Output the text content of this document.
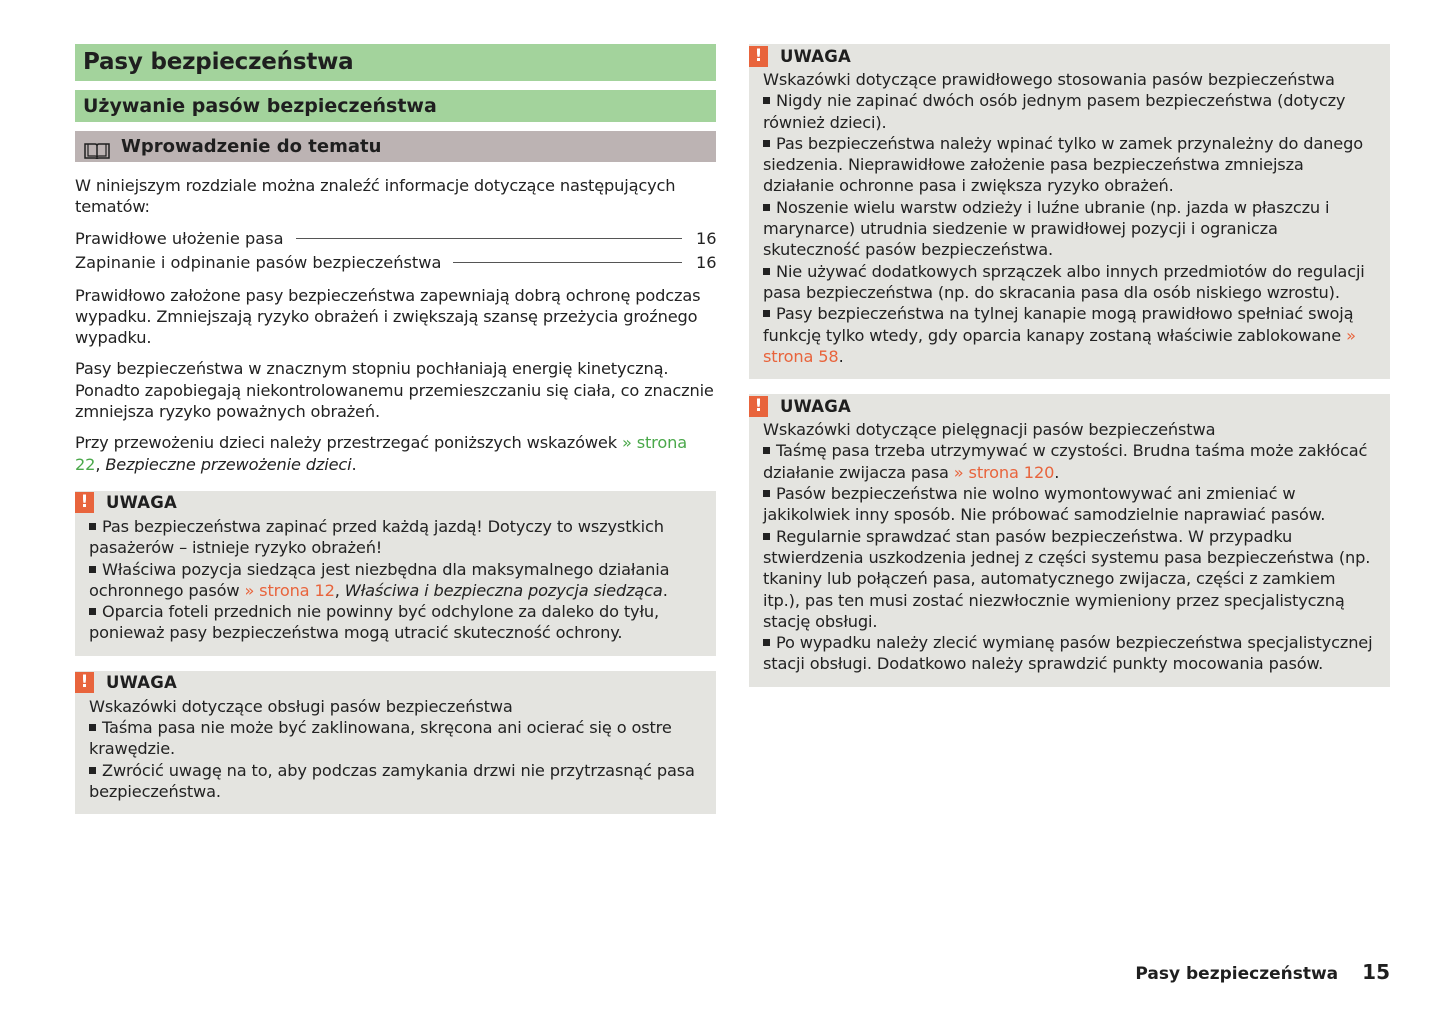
Pasy bezpieczeństwa
Używanie pasów bezpieczeństwa
Wprowadzenie do tematu

W niniejszym rozdziale można znaleźć informacje dotyczące następujących tematów:

Prawidłowe ułożenie pasa	16
Zapinanie i odpinanie pasów bezpieczeństwa	16

Prawidłowo założone pasy bezpieczeństwa zapewniają dobrą ochronę podczas wypadku. Zmniejszają ryzyko obrażeń i zwiększają szansę przeżycia groźnego wypadku.

Pasy bezpieczeństwa w znacznym stopniu pochłaniają energię kinetyczną. Ponadto zapobiegają niekontrolowanemu przemieszczaniu się ciała, co znacznie zmniejsza ryzyko poważnych obrażeń.

Przy przewożeniu dzieci należy przestrzegać poniższych wskazówek » strona 22, Bezpieczne przewożenie dzieci.

!	UWAGA
Pas bezpieczeństwa zapinać przed każdą jazdą! Dotyczy to wszystkich pasażerów – istnieje ryzyko obrażeń!
Właściwa pozycja siedząca jest niezbędna dla maksymalnego działania ochronnego pasów » strona 12, Właściwa i bezpieczna pozycja siedząca.
Oparcia foteli przednich nie powinny być odchylone za daleko do tyłu, ponieważ pasy bezpieczeństwa mogą utracić skuteczność ochrony.
!	UWAGA
Wskazówki dotyczące obsługi pasów bezpieczeństwa
Taśma pasa nie może być zaklinowana, skręcona ani ocierać się o ostre krawędzie.
Zwrócić uwagę na to, aby podczas zamykania drzwi nie przytrzasnąć pasa bezpieczeństwa.
!	UWAGA
Wskazówki dotyczące prawidłowego stosowania pasów bezpieczeństwa
Nigdy nie zapinać dwóch osób jednym pasem bezpieczeństwa (dotyczy również dzieci).
Pas bezpieczeństwa należy wpinać tylko w zamek przynależny do danego siedzenia. Nieprawidłowe założenie pasa bezpieczeństwa zmniejsza działanie ochronne pasa i zwiększa ryzyko obrażeń.
Noszenie wielu warstw odzieży i luźne ubranie (np. jazda w płaszczu i marynarce) utrudnia siedzenie w prawidłowej pozycji i ogranicza skuteczność pasów bezpieczeństwa.
Nie używać dodatkowych sprzączek albo innych przedmiotów do regulacji pasa bezpieczeństwa (np. do skracania pasa dla osób niskiego wzrostu).
Pasy bezpieczeństwa na tylnej kanapie mogą prawidłowo spełniać swoją funkcję tylko wtedy, gdy oparcia kanapy zostaną właściwie zablokowane » strona 58.
!	UWAGA
Wskazówki dotyczące pielęgnacji pasów bezpieczeństwa
Taśmę pasa trzeba utrzymywać w czystości. Brudna taśma może zakłócać działanie zwijacza pasa » strona 120.
Pasów bezpieczeństwa nie wolno wymontowywać ani zmieniać w jakikolwiek inny sposób. Nie próbować samodzielnie naprawiać pasów.
Regularnie sprawdzać stan pasów bezpieczeństwa. W przypadku stwierdzenia uszkodzenia jednej z części systemu pasa bezpieczeństwa (np. tkaniny lub połączeń pasa, automatycznego zwijacza, części z zamkiem itp.), pas ten musi zostać niezwłocznie wymieniony przez specjalistyczną stację obsługi.
Po wypadku należy zlecić wymianę pasów bezpieczeństwa specjalistycznej stacji obsługi. Dodatkowo należy sprawdzić punkty mocowania pasów.
Pasy bezpieczeństwa 15
